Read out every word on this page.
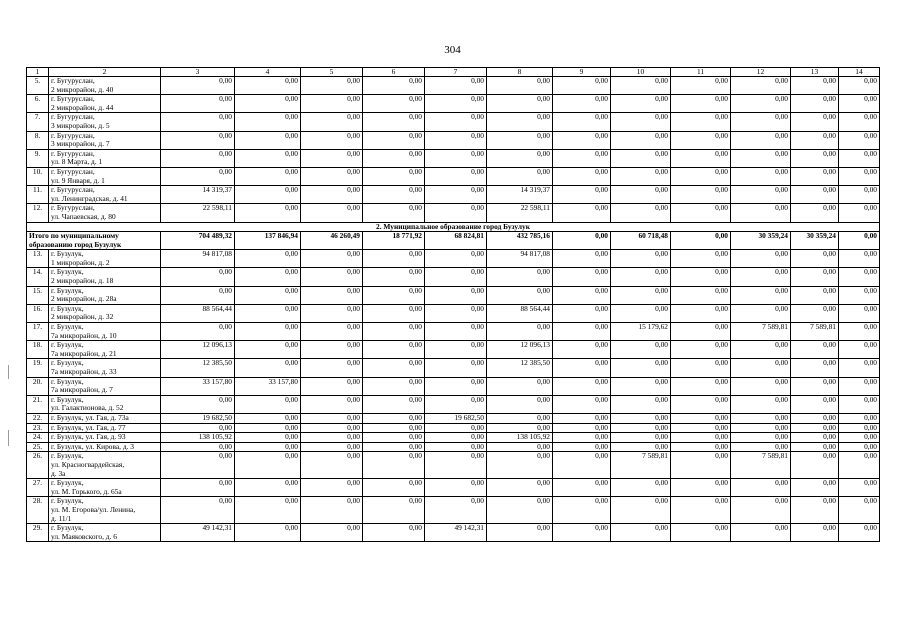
304
1	2	3	4	5	6	7	8	9	10	11	12	13	14
5.	г. Бугуруслан,
2 микрорайон, д. 40	0,00	0,00	0,00	0,00	0,00	0,00	0,00	0,00	0,00	0,00	0,00	0,00
6.	г. Бугуруслан,
2 микрорайон, д. 44	0,00	0,00	0,00	0,00	0,00	0,00	0,00	0,00	0,00	0,00	0,00	0,00
7.	г. Бугуруслан,
3 микрорайон, д. 5	0,00	0,00	0,00	0,00	0,00	0,00	0,00	0,00	0,00	0,00	0,00	0,00
8.	г. Бугуруслан,
3 микрорайон, д. 7	0,00	0,00	0,00	0,00	0,00	0,00	0,00	0,00	0,00	0,00	0,00	0,00
9.	г. Бугуруслан,
ул. 8 Марта, д. 1	0,00	0,00	0,00	0,00	0,00	0,00	0,00	0,00	0,00	0,00	0,00	0,00
10.	г. Бугуруслан,
ул. 9 Января, д. 1	0,00	0,00	0,00	0,00	0,00	0,00	0,00	0,00	0,00	0,00	0,00	0,00
11.	г. Бугуруслан,
ул. Ленинградская, д. 41	14 319,37	0,00	0,00	0,00	0,00	14 319,37	0,00	0,00	0,00	0,00	0,00	0,00
12.	г. Бугуруслан,
ул. Чапаевская, д. 80	22 598,11	0,00	0,00	0,00	0,00	22 598,11	0,00	0,00	0,00	0,00	0,00	0,00
2. Муниципальное образование город Бузулук													
Итого по муниципальному
образованию город Бузулук		704 489,32	137 846,94	46 260,49	18 771,92	68 824,81	432 785,16	0,00	60 718,48	0,00	30 359,24	30 359,24	0,00
13.	г. Бузулук,
1 микрорайон, д. 2	94 817,08	0,00	0,00	0,00	0,00	94 817,08	0,00	0,00	0,00	0,00	0,00	0,00
14.	г. Бузулук,
2 микрорайон, д. 18	0,00	0,00	0,00	0,00	0,00	0,00	0,00	0,00	0,00	0,00	0,00	0,00
15.	г. Бузулук,
2 микрорайон, д. 28а	0,00	0,00	0,00	0,00	0,00	0,00	0,00	0,00	0,00	0,00	0,00	0,00
16.	г. Бузулук,
2 микрорайон, д. 32	88 564,44	0,00	0,00	0,00	0,00	88 564,44	0,00	0,00	0,00	0,00	0,00	0,00
17.	г. Бузулук,
7а микрорайон, д. 10	0,00	0,00	0,00	0,00	0,00	0,00	0,00	15 179,62	0,00	7 589,81	7 589,81	0,00
18.	г. Бузулук,
7а микрорайон, д. 21	12 096,13	0,00	0,00	0,00	0,00	12 096,13	0,00	0,00	0,00	0,00	0,00	0,00
19.	г. Бузулук,
7а микрорайон, д. 33	12 385,50	0,00	0,00	0,00	0,00	12 385,50	0,00	0,00	0,00	0,00	0,00	0,00
20.	г. Бузулук,
7а микрорайон, д. 7	33 157,80	33 157,80	0,00	0,00	0,00	0,00	0,00	0,00	0,00	0,00	0,00	0,00
21.	г. Бузулук,
ул. Галактионова, д. 52	0,00	0,00	0,00	0,00	0,00	0,00	0,00	0,00	0,00	0,00	0,00	0,00
22.	г. Бузулук, ул. Гая, д. 73а	19 682,50	0,00	0,00	0,00	19 682,50	0,00	0,00	0,00	0,00	0,00	0,00	0,00
23.	г. Бузулук, ул. Гая, д. 77	0,00	0,00	0,00	0,00	0,00	0,00	0,00	0,00	0,00	0,00	0,00	0,00
24.	г. Бузулук, ул. Гая, д. 93	138 105,92	0,00	0,00	0,00	0,00	138 105,92	0,00	0,00	0,00	0,00	0,00	0,00
25.	г. Бузулук, ул. Кирова, д. 3	0,00	0,00	0,00	0,00	0,00	0,00	0,00	0,00	0,00	0,00	0,00	0,00
26.	г. Бузулук,
ул. Красногвардейская,
д. 3а	0,00	0,00	0,00	0,00	0,00	0,00	0,00	7 589,81	0,00	7 589,81	0,00	0,00
27.	г. Бузулук,
ул. М. Горького, д. 65а	0,00	0,00	0,00	0,00	0,00	0,00	0,00	0,00	0,00	0,00	0,00	0,00
28.	г. Бузулук,
ул. М. Егорова/ул. Ленина,
д. 11/1	0,00	0,00	0,00	0,00	0,00	0,00	0,00	0,00	0,00	0,00	0,00	0,00
29.	г. Бузулук,
ул. Маяковского, д. 6	49 142,31	0,00	0,00	0,00	49 142,31	0,00	0,00	0,00	0,00	0,00	0,00	0,00
